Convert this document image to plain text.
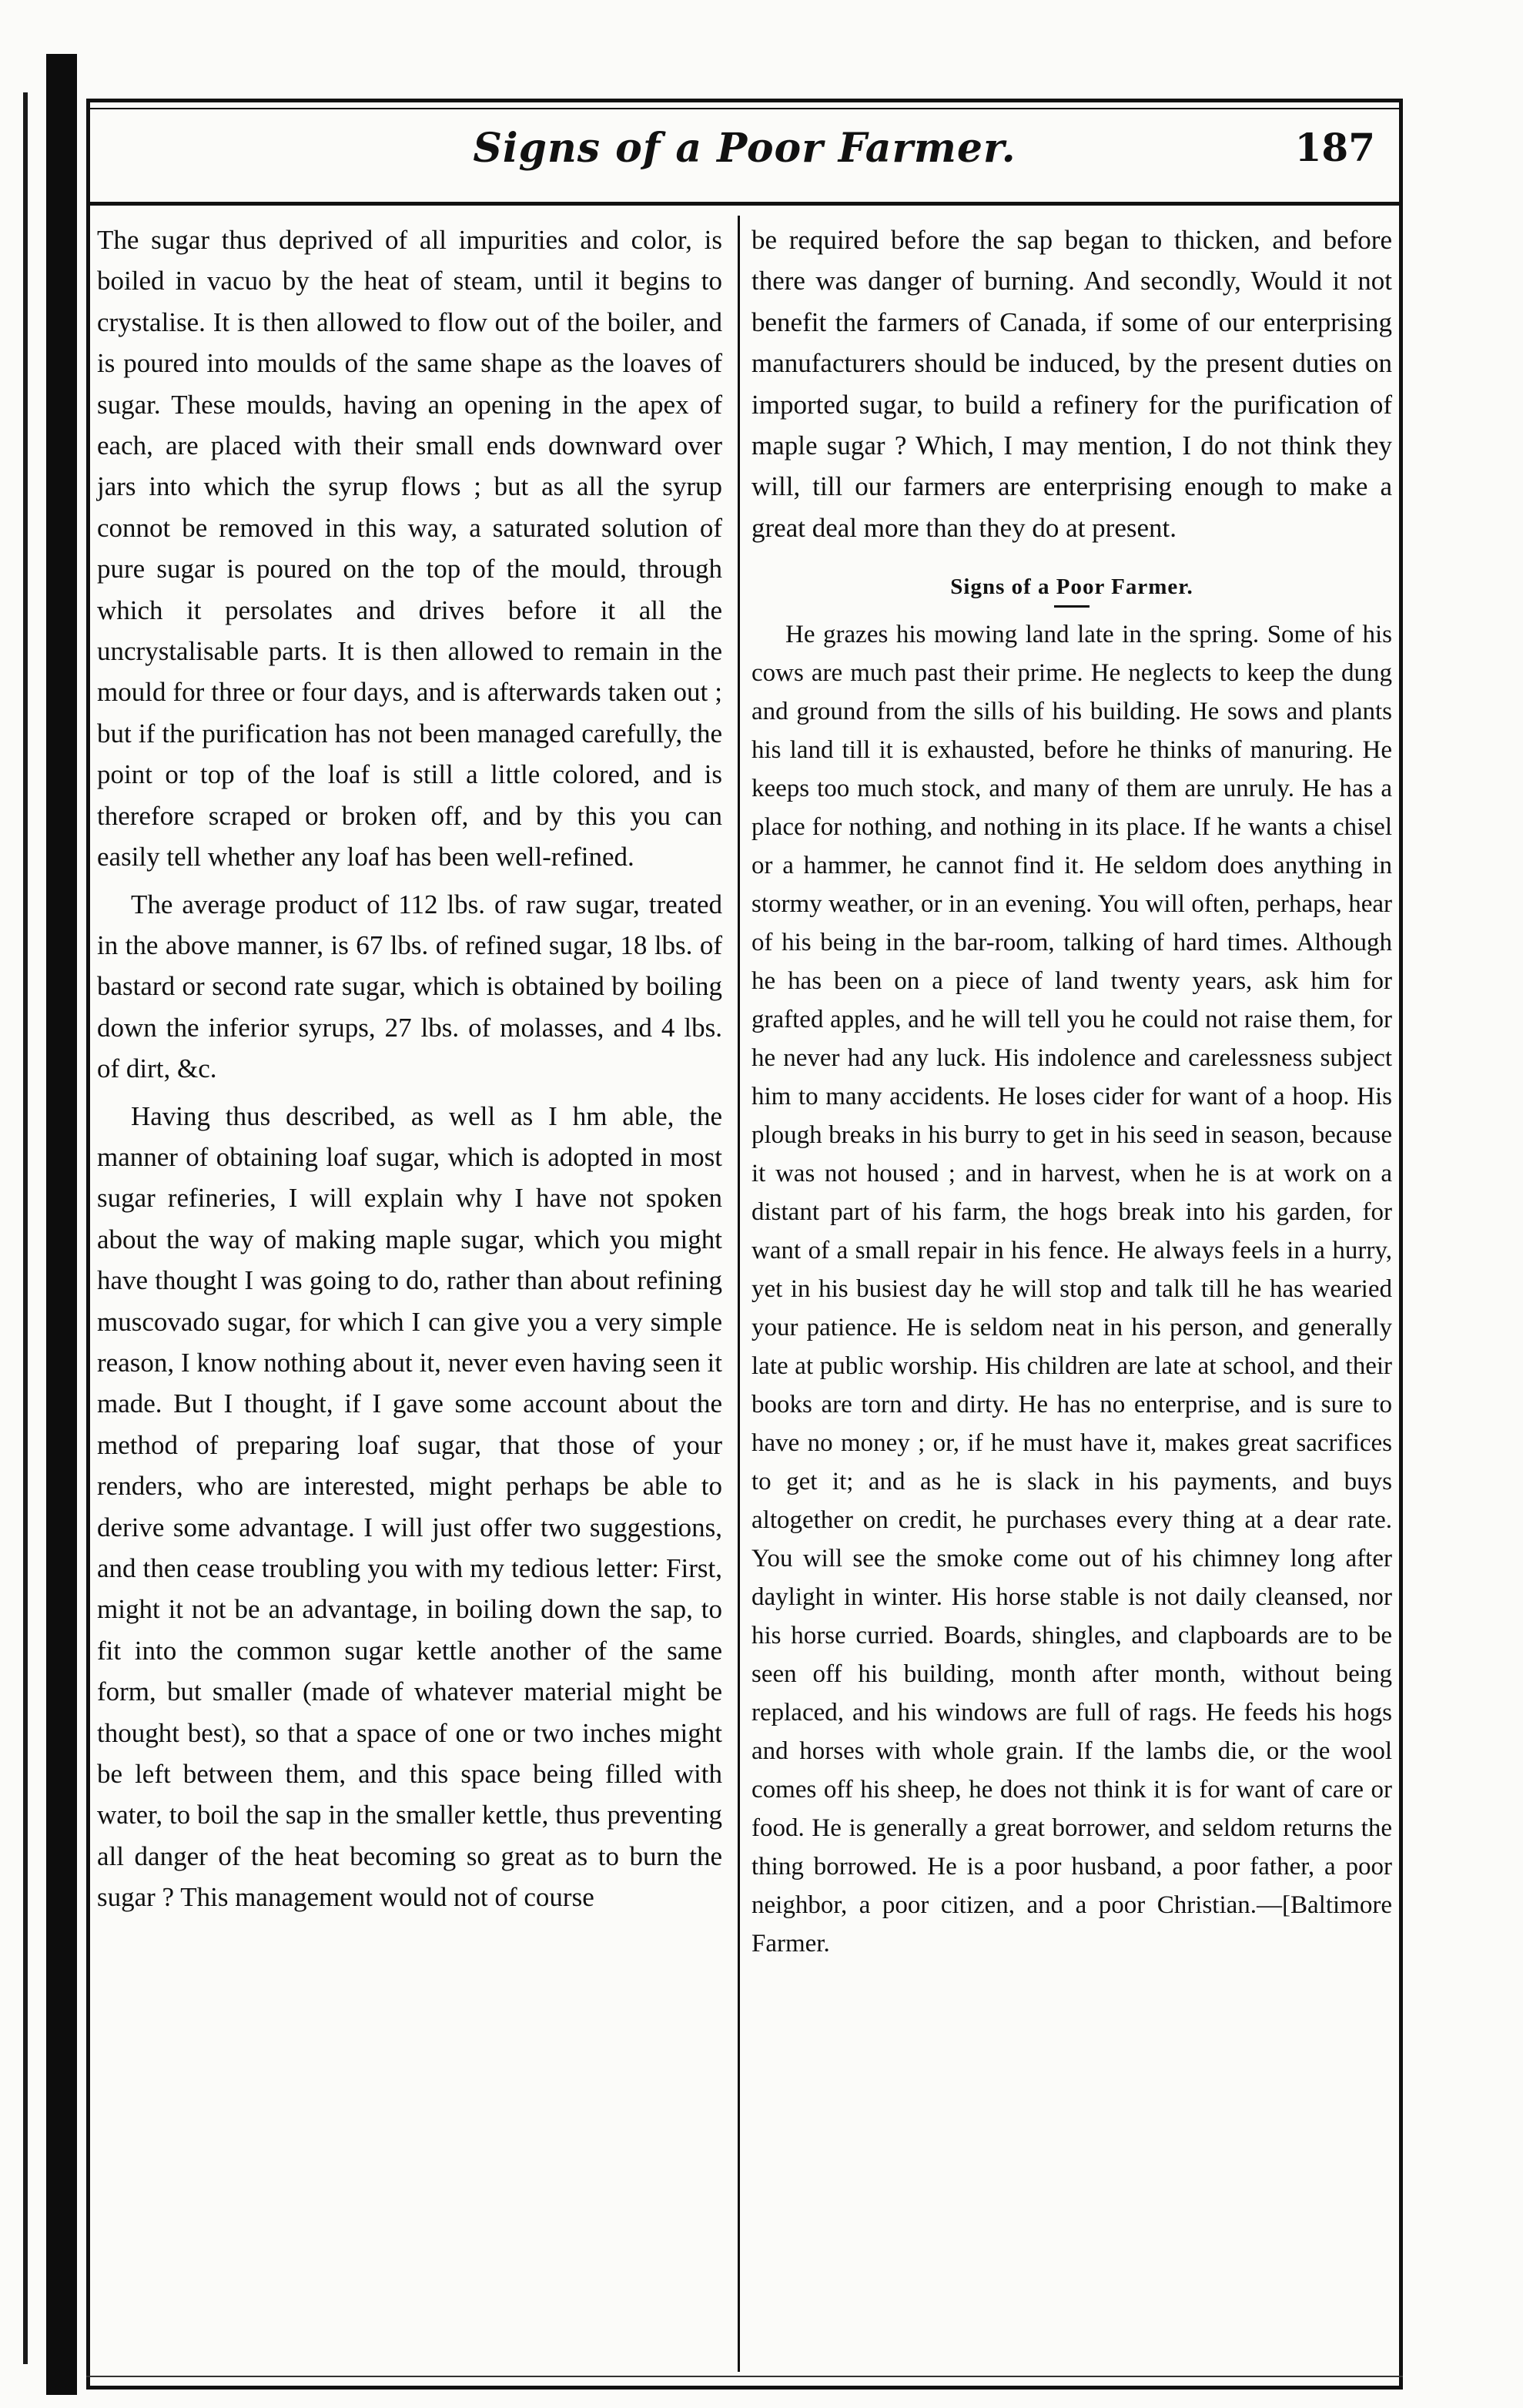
Signs of a Poor Farmer.	187

The sugar thus deprived of all impurities and color, is boiled in vacuo by the heat of steam, until it begins to crystalise. It is then allowed to flow out of the boiler, and is poured into moulds of the same shape as the loaves of sugar. These moulds, having an opening in the apex of each, are placed with their small ends downward over jars into which the syrup flows ; but as all the syrup connot be removed in this way, a saturated solution of pure sugar is poured on the top of the mould, through which it persolates and drives before it all the uncrystalisable parts. It is then allowed to remain in the mould for three or four days, and is afterwards taken out ; but if the purification has not been managed carefully, the point or top of the loaf is still a little colored, and is therefore scraped or broken off, and by this you can easily tell whether any loaf has been well-refined.

The average product of 112 lbs. of raw sugar, treated in the above manner, is 67 lbs. of refined sugar, 18 lbs. of bastard or second rate sugar, which is obtained by boiling down the inferior syrups, 27 lbs. of molasses, and 4 lbs. of dirt, &c.

Having thus described, as well as I hm able, the manner of obtaining loaf sugar, which is adopted in most sugar refineries, I will explain why I have not spoken about the way of making maple sugar, which you might have thought I was going to do, rather than about refining muscovado sugar, for which I can give you a very simple reason, I know nothing about it, never even having seen it made. But I thought, if I gave some account about the method of preparing loaf sugar, that those of your renders, who are interested, might perhaps be able to derive some advantage. I will just offer two suggestions, and then cease troubling you with my tedious letter: First, might it not be an advantage, in boiling down the sap, to fit into the common sugar kettle another of the same form, but smaller (made of whatever material might be thought best), so that a space of one or two inches might be left between them, and this space being filled with water, to boil the sap in the smaller kettle, thus preventing all danger of the heat becoming so great as to burn the sugar ? This management would not of course

be required before the sap began to thicken, and before there was danger of burning. And secondly, Would it not benefit the farmers of Canada, if some of our enterprising manufacturers should be induced, by the present duties on imported sugar, to build a refinery for the purification of maple sugar ? Which, I may mention, I do not think they will, till our farmers are enterprising enough to make a great deal more than they do at present.

Signs of a Poor Farmer.

He grazes his mowing land late in the spring. Some of his cows are much past their prime. He neglects to keep the dung and ground from the sills of his building. He sows and plants his land till it is exhausted, before he thinks of manuring. He keeps too much stock, and many of them are unruly. He has a place for nothing, and nothing in its place. If he wants a chisel or a hammer, he cannot find it. He seldom does anything in stormy weather, or in an evening. You will often, perhaps, hear of his being in the bar-room, talking of hard times. Although he has been on a piece of land twenty years, ask him for grafted apples, and he will tell you he could not raise them, for he never had any luck. His indolence and carelessness subject him to many accidents. He loses cider for want of a hoop. His plough breaks in his burry to get in his seed in season, because it was not housed ; and in harvest, when he is at work on a distant part of his farm, the hogs break into his garden, for want of a small repair in his fence. He always feels in a hurry, yet in his busiest day he will stop and talk till he has wearied your patience. He is seldom neat in his person, and generally late at public worship. His children are late at school, and their books are torn and dirty. He has no enterprise, and is sure to have no money ; or, if he must have it, makes great sacrifices to get it; and as he is slack in his payments, and buys altogether on credit, he purchases every thing at a dear rate. You will see the smoke come out of his chimney long after daylight in winter. His horse stable is not daily cleansed, nor his horse curried. Boards, shingles, and clapboards are to be seen off his building, month after month, without being replaced, and his windows are full of rags. He feeds his hogs and horses with whole grain. If the lambs die, or the wool comes off his sheep, he does not think it is for want of care or food. He is generally a great borrower, and seldom returns the thing borrowed. He is a poor husband, a poor father, a poor neighbor, a poor citizen, and a poor Christian.—[Baltimore Farmer.
